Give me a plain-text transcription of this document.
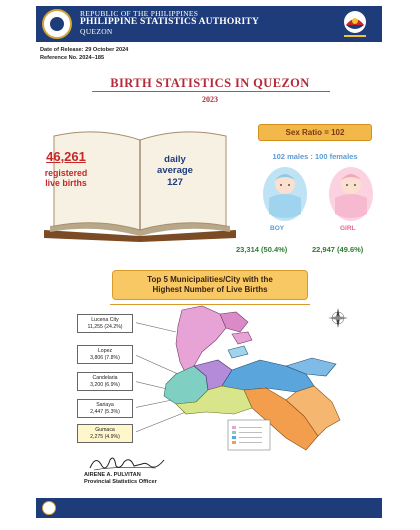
REPUBLIC OF THE PHILIPPINES
PHILIPPINE STATISTICS AUTHORITY
QUEZON
Date of Release: 29 October 2024
Reference No. 2024–185
BIRTH STATISTICS IN QUEZON
2023
46,261
registered
live births
daily
average
127
Sex Ratio = 102
102 males : 100 females
BOY	GIRL
23,314 (50.4%)	22,947 (49.6%)
Top 5 Municipalities/City with the
Highest Number of Live Births
Lucena City
11,255 (24.2%)
Lopez
3,806 (7.8%)
Candelaria
3,200 (6.9%)
Sariaya
2,447 (5.3%)
Gumaca
2,275 (4.9%)
AIRENE A. PULVITAN
Provincial Statistics Officer
